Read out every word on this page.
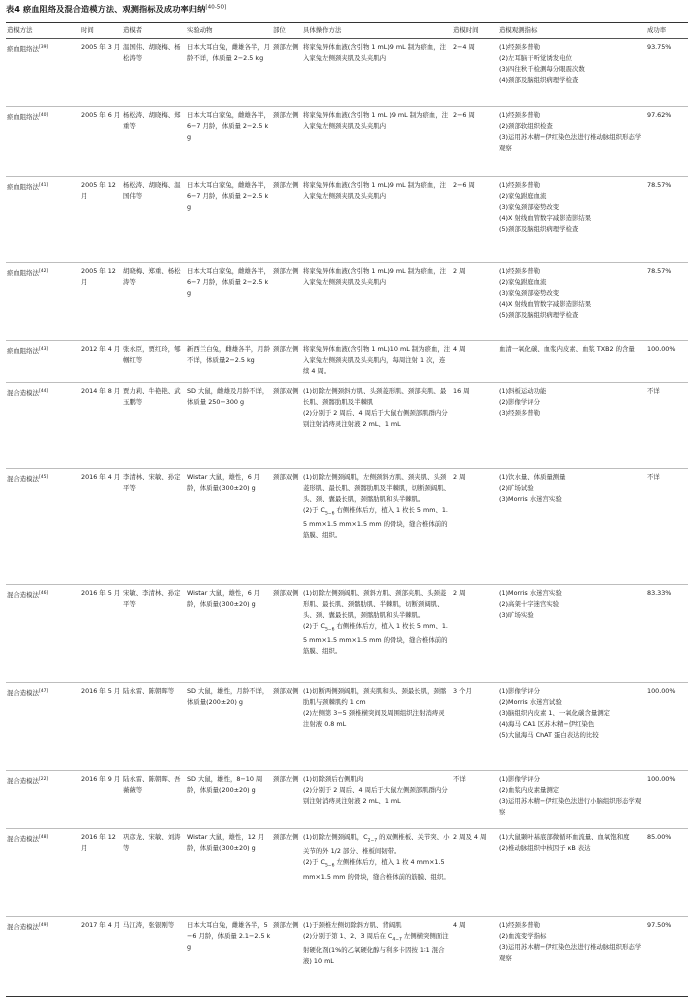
表4 瘀血阻络及混合造模方法、观测指标及成功率归纳[40-50]
造模方法	时间	造模者	实验动物	部位	具体操作方法	造模时间	造模观测指标	成功率
瘀血阻络法[39]	2005 年 3 月	温国伟、胡晓梅、杨松涛等	日本大耳白兔，雌雄各半，月龄不详，体质量 2−2.5 kg	颈部左侧	将家兔异体血液(含引物 1 mL)9 mL 制为瘀血，注入家兔左侧颈夹肌及头夹肌内	2−4 周	(1)经颈多普勒
(2)左耳脑干听觉诱发电位
(3)四往秋千检测每分眼震次数
(4)颈部及脑组织病理学检查	93.75%
瘀血阻络法[40]	2005 年 6 月	杨松涛、胡晓梅、郑重等	日本大耳白家兔，雌雄各半，6−7 月龄，体质量 2−2.5 kg	颈部左侧	将家兔异体血液(含引物 1 mL )9 mL 制为瘀血，注入家兔左侧颈夹肌及头夹肌内	2−6 周	(1)经颈多普勒
(2)颈部软组织检查
(3)运用苏木精−伊红染色法进行椎动脉组织形态学观察	97.62%
瘀血阻络法[41]	2005 年 12 月	杨松涛、胡晓梅、温国伟等	日本大耳白家兔，雌雄各半，6−7 月龄，体质量 2−2.5 kg	颈部左侧	将家兔异体血液(含引物 1 mL)9 mL 制为瘀血，注入家兔左侧颈夹肌及头夹肌内	2−6 周	(1)经颈多普勒
(2)家兔跗庭血流
(3)家兔颈部姿势改变
(4)X 射线血管数字减影造影结果
(5)颈部及脑组织病理学检查	78.57%
瘀血阻络法[42]	2005 年 12 月	胡晓梅、郑重、杨松涛等	日本大耳白家兔，雌雄各半，6−7 月龄，体质量 2−2.5 kg	颈部左侧	将家兔异体血液(含引物 1 mL)9 mL 制为瘀血，注入家兔左侧颈夹肌及头夹肌内	2 周	(1)经颈多普勒
(2)家兔跗庭血流
(3)家兔颈部姿势改变
(4)X 射线血管数字减影造影结果
(5)颈部及脑组织病理学检查	78.57%
瘀血阻络法[43]	2012 年 4 月	张永臣，贾红玲，郇帼红等	新西兰白兔，雌雄各半，月龄不详，体质量2−2.5 kg	颈部左侧	将家兔异体血液(含引物 1 mL)10 mL 制为瘀血，注入家兔左侧颈夹肌及头夹肌内，每周注射 1 次，连续 4 周。	4 周	血清一氧化碳、血浆内皮素、血浆 TXB2 的含量	100.00%
混合造模法[44]	2014 年 8 月	贾力莉、牛艳艳、武玉鹏等	SD 大鼠，雌雄及月龄不详，体质量 250−300 g	颈部双侧	(1)切除左侧颈斜方肌、头颈菱形肌、颈部夹肌、最长肌、颈髂肋肌及半棘肌
(2)分别于 2 周后、4 周后于大鼠右侧颈部肌群内分别注射消痔灵注射液 2 mL、1 mL	16 周	(1)斜板运动功能
(2)影像学评分
(3)经颈多普勒	不详
混合造模法[45]	2016 年 4 月	李清林、宋敏、孙定平等	Wistar 大鼠，雄性，6 月龄，体质量(300±20) g	颈部双侧	(1)切除左侧颈阔肌，左侧颈斜方肌、颈夹肌、头颈菱形肌、最长肌、颈髂肋肌及半棘肌，切断颈阔肌、头、颈、囊最长肌，颈髂肋肌和头半棘肌。
(2)于 $C_{5-6}$ 右侧椎体后方，植入 1 枚长 5 mm、1.5 mm×1.5 mm×1.5 mm 的骨块，缝合椎体前的筋膜、组织。	2 周	(1)饮水量、体质量测量
(2)旷场试验
(3)Morris 水迷宫实验	不详
混合造模法[46]	2016 年 5 月	宋敏、李清林、孙定平等	Wistar 大鼠，雄性，6 月龄，体质量(300±20) g	颈部双侧	(1)切除左侧颈阔肌、颈斜方肌、颈部夹肌、头颈菱形肌、最长肌、颈髂肋肌、半棘肌，切断颈阔肌、头、颈、囊最长肌，颈髂肋肌和头半棘肌。
(2)于 $C_{5-6}$ 右侧椎体后方，植入 1 枚长 5 mm、1.5 mm×1.5 mm×1.5 mm 的骨块，缝合椎体前的筋膜、组织。	2 周	(1)Morris 水迷宫实验
(2)高架十字迷宫实验
(3)旷场实验	83.33%
混合造模法[47]	2016 年 5 月	陆永雷、陈朝晖等	SD 大鼠，雄性，月龄不详，体质量(200±20) g	颈部双侧	(1)切断两侧颈阔肌，颈夹肌和头、颈最长肌，颈髂肋肌与颈棘肌约 1 cm
(2)左侧第 3−5 颈椎横突间及周围组织注射消痔灵注射液 0.8 mL	3 个月	(1)影像学评分
(2)Morris 水迷宫试验
(3)脑组织内皮素 1、一氧化碳含量测定
(4)海马 CA1 区苏木精−伊红染色
(5)大鼠海马 ChAT 蛋白表达的比较	100.00%
混合造模法[22]	2016 年 9 月	陆永雷、陈朝晖、吾薇薇等	SD 大鼠，雄性，8−10 周龄，体质量(200±20) g	颈部左侧	(1)切除颈后右侧肌肉
(2)分别于 2 周后、4 周后于大鼠左侧颈部肌群内分别注射消痔灵注射液 2 mL、1 mL	不详	(1)影像学评分
(2)血浆内皮素量测定
(3)运用苏木精−伊红染色法进行小脑组织形态学观察	100.00%
混合造模法[48]	2016 年 12 月	巩彦龙、宋敏、刘涛等	Wistar 大鼠，雄性，12 月龄，体质量(300±20) g	颈部左侧	(1)切除左侧颈阔肌，$C_{2-7}$ 的双侧椎板、关节突、小关节的外 1/2 部分、椎板间韧带。
(2)于 $C_{5-6}$ 左侧椎体后方，植入 1 枚 4 mm×1.5 mm×1.5 mm 的骨块，缝合椎体前的筋膜、组织。	2 周及 4 周	(1)大鼠颞叶基底部微循环血流量、血氧饱和度
(2)椎动脉组织中核因子 κB 表达	85.00%
混合造模法[49]	2017 年 4 月	马江涛，张银刚等	日本大耳白兔，雌雄各半，5−6 月龄，体质量 2.1−2.5 kg	颈部左侧	(1)于颈椎左侧切除斜方肌、背阔肌
(2)分别于第 1、2、3 周后在 $C_{4-7}$ 左侧横突侧面注射硬化剂(1%的乙氧硬化醇与利多卡因按 1∶1 混合液) 10 mL	4 周	(1)经颈多普勒
(2)血流变学指标
(3)运用苏木精−伊红染色法进行椎动脉组织形态学观察	97.50%
